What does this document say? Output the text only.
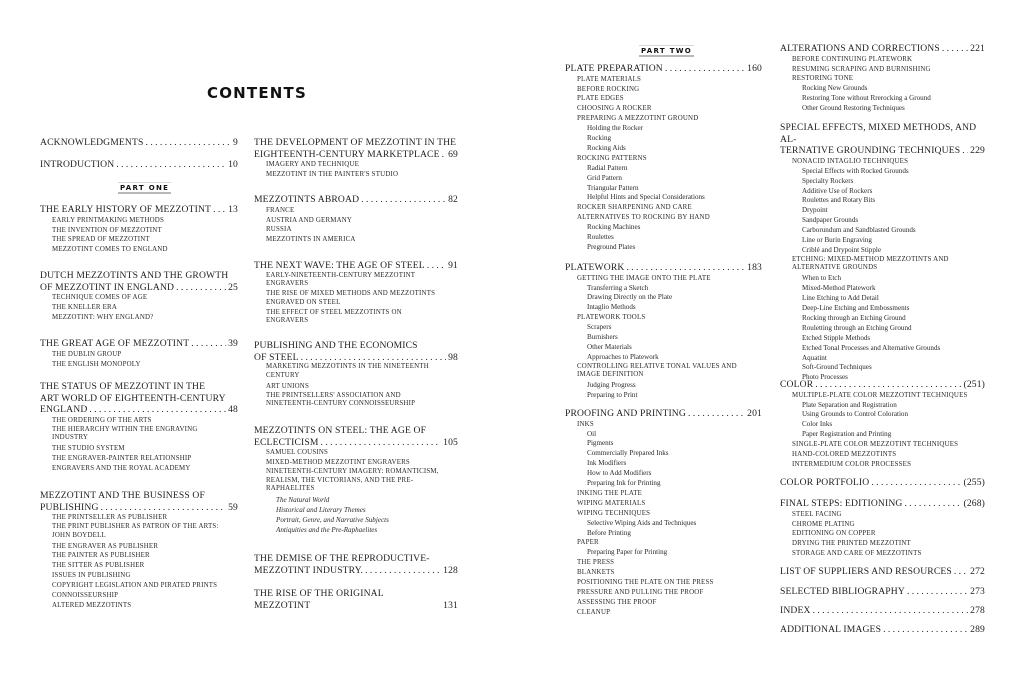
CONTENTS
ACKNOWLEDGMENTS . . .	9
INTRODUCTION . . .	10
PART ONE
THE EARLY HISTORY OF MEZZOTINT . . . 13
EARLY PRINTMAKING METHODS
THE INVENTION OF MEZZOTINT
THE SPREAD OF MEZZOTINT
MEZZOTINT COMES TO ENGLAND
DUTCH MEZZOTINTS AND THE GROWTH
OF MEZZOTINT IN ENGLAND . . .	25
TECHNIQUE COMES OF AGE
THE KNELLER ERA
MEZZOTINT: WHY ENGLAND?
THE GREAT AGE OF MEZZOTINT . . .	39
THE DUBLIN GROUP
THE ENGLISH MONOPOLY
THE STATUS OF MEZZOTINT IN THE
ART WORLD OF EIGHTEENTH-CENTURY
ENGLAND . . .	48
THE ORDERING OF THE ARTS
THE HIERARCHY WITHIN THE ENGRAVING INDUSTRY
THE STUDIO SYSTEM
THE ENGRAVER-PAINTER RELATIONSHIP
ENGRAVERS AND THE ROYAL ACADEMY
MEZZOTINT AND THE BUSINESS OF
PUBLISHING . . .	59
THE PRINTSELLER AS PUBLISHER
THE PRINT PUBLISHER AS PATRON OF THE ARTS: JOHN BOYDELL
THE ENGRAVER AS PUBLISHER
THE PAINTER AS PUBLISHER
THE SITTER AS PUBLISHER
ISSUES IN PUBLISHING
COPYRIGHT LEGISLATION AND PIRATED PRINTS
CONNOISSEURSHIP
ALTERED MEZZOTINTS
THE DEVELOPMENT OF MEZZOTINT IN THE
EIGHTEENTH-CENTURY MARKETPLACE . . . 69
IMAGERY AND TECHNIQUE
MEZZOTINT IN THE PAINTER'S STUDIO
MEZZOTINTS ABROAD . . .	82
FRANCE
AUSTRIA AND GERMANY
RUSSIA
MEZZOTINTS IN AMERICA
THE NEXT WAVE: THE AGE OF STEEL . . . 91
EARLY-NINETEENTH-CENTURY MEZZOTINT ENGRAVERS
THE RISE OF MIXED METHODS AND MEZZOTINTS ENGRAVED ON STEEL
THE EFFECT OF STEEL MEZZOTINTS ON ENGRAVERS
PUBLISHING AND THE ECONOMICS
OF STEEL . . .	98
MARKETING MEZZOTINTS IN THE NINETEENTH CENTURY
ART UNIONS
THE PRINTSELLERS' ASSOCIATION AND NINETEENTH-CENTURY CONNOISSEURSHIP
MEZZOTINTS ON STEEL: THE AGE OF
ECLECTICISM . . .	105
SAMUEL COUSINS
MIXED-METHOD MEZZOTINT ENGRAVERS
NINETEENTH-CENTURY IMAGERY: ROMANTICISM, REALISM, THE VICTORIANS, AND THE PRE-RAPHAELITES
The Natural World
Historical and Literary Themes
Portrait, Genre, and Narrative Subjects
Antiquities and the Pre-Raphaelites
THE DEMISE OF THE REPRODUCTIVE-
MEZZOTINT INDUSTRY. . . .	128
THE RISE OF THE ORIGINAL MEZZOTINT	131
PART TWO
PLATE PREPARATION . . .	160
PLATE MATERIALS
BEFORE ROCKING
PLATE EDGES
CHOOSING A ROCKER
PREPARING A MEZZOTINT GROUND
Holding the Rocker
Rocking
Rocking Aids
ROCKING PATTERNS
Radial Pattern
Grid Pattern
Triangular Pattern
Helpful Hints and Special Considerations
ROCKER SHARPENING AND CARE
ALTERNATIVES TO ROCKING BY HAND
Rocking Machines
Roulettes
Preground Plates
PLATEWORK . . .	183
GETTING THE IMAGE ONTO THE PLATE
Transferring a Sketch
Drawing Directly on the Plate
Intaglio Methods
PLATEWORK TOOLS
Scrapers
Burnishers
Other Materials
Approaches to Platework
CONTROLLING RELATIVE TONAL VALUES AND IMAGE DEFINITION
Judging Progress
Preparing to Print
PROOFING AND PRINTING . . .	201
INKS
Oil
Pigments
Commercially Prepared Inks
Ink Modifiers
How to Add Modifiers
Preparing Ink for Printing
INKING THE PLATE
WIPING MATERIALS
WIPING TECHNIQUES
Selective Wiping Aids and Techniques
Before Printing
PAPER
Preparing Paper for Printing
THE PRESS
BLANKETS
POSITIONING THE PLATE ON THE PRESS
PRESSURE AND PULLING THE PROOF
ASSESSING THE PROOF
CLEANUP
ALTERATIONS AND CORRECTIONS . . .	221
BEFORE CONTINUING PLATEWORK
RESUMING SCRAPING AND BURNISHING
RESTORING TONE
Rocking New Grounds
Restoring Tone without Rrerocking a Ground
Other Ground Restoring Techniques
SPECIAL EFFECTS, MIXED METHODS, AND AL-
TERNATIVE GROUNDING TECHNIQUES . . . 229
NONACID INTAGLIO TECHNIQUES
Special Effects with Rocked Grounds
Specialty Rockers
Additive Use of Rockers
Roulettes and Rotary Bits
Drypoint
Sandpaper Grounds
Carborundum and Sandblasted Grounds
Line or Burin Engraving
Criblé and Drypoint Stipple
ETCHING: MIXED-METHOD MEZZOTINTS AND ALTERNATIVE GROUNDS
When to Etch
Mixed-Method Platework
Line Etching to Add Detail
Deep-Line Etching and Embossments
Rocking through an Etching Ground
Rouletting through an Etching Ground
Etched Stipple Methods
Etched Tonal Processes and Alternative Grounds
Aquatint
Soft-Ground Techniques
Photo Processes
COLOR . . .	(251)
MULTIPLE-PLATE COLOR MEZZOTINT TECHNIQUES
Plate Separation and Registration
Using Grounds to Control Coloration
Color Inks
Paper Registration and Printing
SINGLE-PLATE COLOR MEZZOTINT TECHNIQUES
HAND-COLORED MEZZOTINTS
INTERMEDIUM COLOR PROCESSES
COLOR PORTFOLIO . . .	(255)
FINAL STEPS: EDITIONING . . .	(268)
STEEL FACING
CHROME PLATING
EDITIONING ON COPPER
DRYING THE PRINTED MEZZOTINT
STORAGE AND CARE OF MEZZOTINTS
LIST OF SUPPLIERS AND RESOURCES . . . 272
SELECTED BIBLIOGRAPHY . . .	273
INDEX . . .	278
ADDITIONAL IMAGES . . .	289
